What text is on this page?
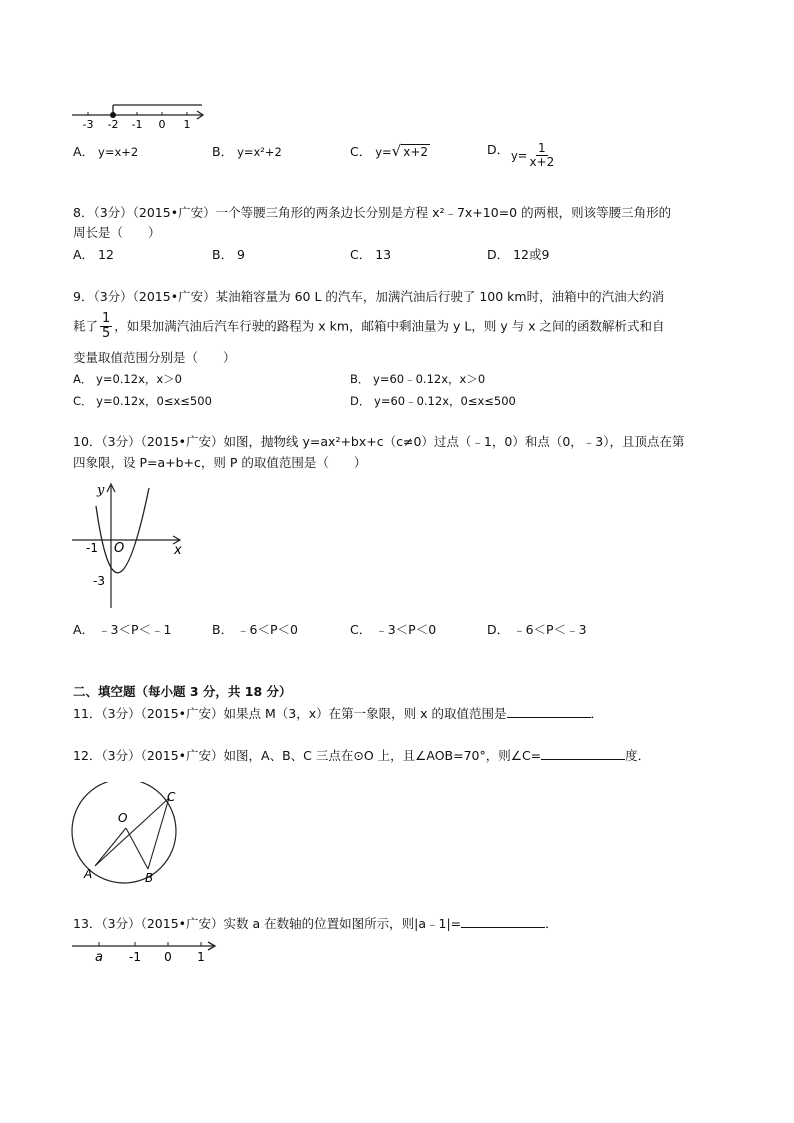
-3 -2 -1 0 1
A． y=x+2	B． y=x²+2	C． y=√ x+2	D． $y= \frac{1}{x+2}$
8．（3分）（2015•广安）一个等腰三角形的两条边长分别是方程 x²﹣7x+10=0 的两根，则该等腰三角形的
周长是（　　）
A． 12	B． 9	C． 13	D． 12或9
9．（3分）（2015•广安）某油箱容量为 60 L 的汽车，加满汽油后行驶了 100 km时，油箱中的汽油大约消
耗了 $\frac{1}{5}$ ，如果加满汽油后汽车行驶的路程为 x km，邮箱中剩油量为 y L，则 y 与 x 之间的函数解析式和自
变量取值范围分别是（　　）
A． y=0.12x，x＞0	B． y=60﹣0.12x，x＞0
C． y=0.12x，0≤x≤500	D． y=60﹣0.12x，0≤x≤500
10．（3分）（2015•广安）如图，抛物线 y=ax²+bx+c（c≠0）过点（﹣1，0）和点（0，﹣3），且顶点在第
四象限，设 P=a+b+c，则 P 的取值范围是（　　）
y
x
O
-1
-3
A． ﹣3＜P＜﹣1	B． ﹣6＜P＜0	C． ﹣3＜P＜0	D． ﹣6＜P＜﹣3
二、填空题（每小题 3 分，共 18 分）
11．（3分）（2015•广安）如果点 M（3，x）在第一象限，则 x 的取值范围是	．
12．（3分）（2015•广安）如图，A、B、C 三点在⊙O 上，且∠AOB=70°，则∠C=	度．
O
A	B
C
13．（3分）（2015•广安）实数 a 在数轴的位置如图所示，则|a﹣1|=	．
a -1 0 1
